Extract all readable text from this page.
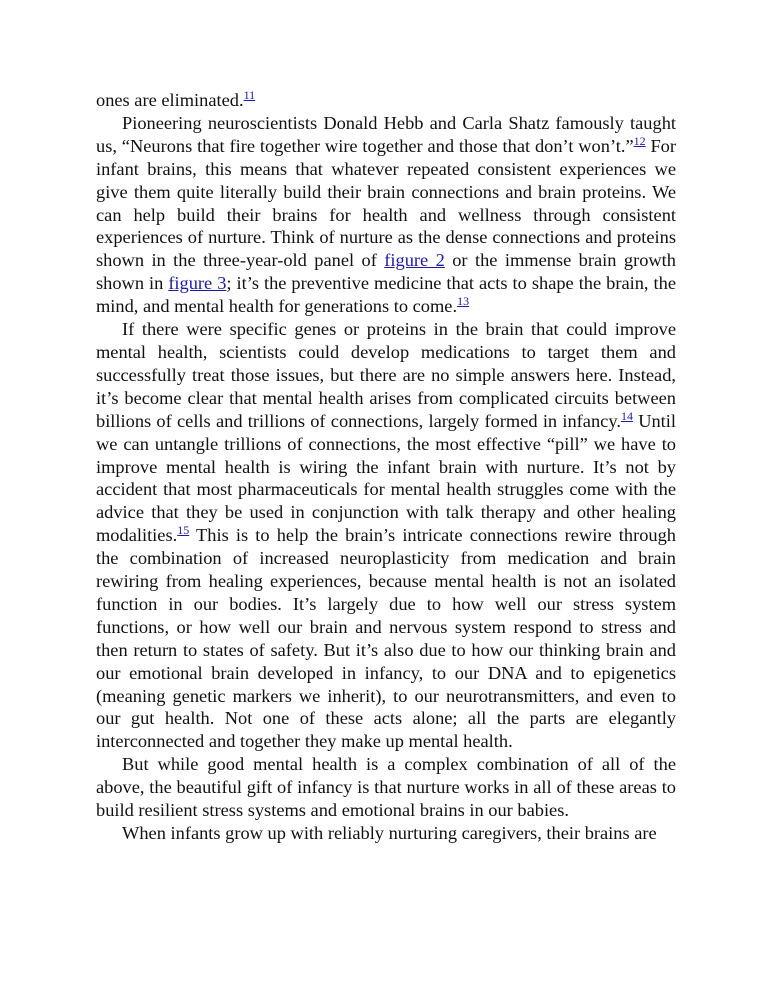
ones are eliminated.$^{11}$

Pioneering neuroscientists Donald Hebb and Carla Shatz famously taught us, “Neurons that fire together wire together and those that don’t won’t.”$^{12}$ For infant brains, this means that whatever repeated consistent experiences we give them quite literally build their brain connections and brain proteins. We can help build their brains for health and wellness through consistent experiences of nurture. Think of nurture as the dense connections and proteins shown in the three-year-old panel of figure 2 or the immense brain growth shown in figure 3; it’s the preventive medicine that acts to shape the brain, the mind, and mental health for generations to come.$^{13}$

If there were specific genes or proteins in the brain that could improve mental health, scientists could develop medications to target them and successfully treat those issues, but there are no simple answers here. Instead, it’s become clear that mental health arises from complicated circuits between billions of cells and trillions of connections, largely formed in infancy.$^{14}$ Until we can untangle trillions of connections, the most effective “pill” we have to improve mental health is wiring the infant brain with nurture. It’s not by accident that most pharmaceuticals for mental health struggles come with the advice that they be used in conjunction with talk therapy and other healing modalities.$^{15}$ This is to help the brain’s intricate connections rewire through the combination of increased neuroplasticity from medication and brain rewiring from healing experiences, because mental health is not an isolated function in our bodies. It’s largely due to how well our stress system functions, or how well our brain and nervous system respond to stress and then return to states of safety. But it’s also due to how our thinking brain and our emotional brain developed in infancy, to our DNA and to epigenetics (meaning genetic markers we inherit), to our neurotransmitters, and even to our gut health. Not one of these acts alone; all the parts are elegantly interconnected and together they make up mental health.

But while good mental health is a complex combination of all of the above, the beautiful gift of infancy is that nurture works in all of these areas to build resilient stress systems and emotional brains in our babies.

When infants grow up with reliably nurturing caregivers, their brains are
